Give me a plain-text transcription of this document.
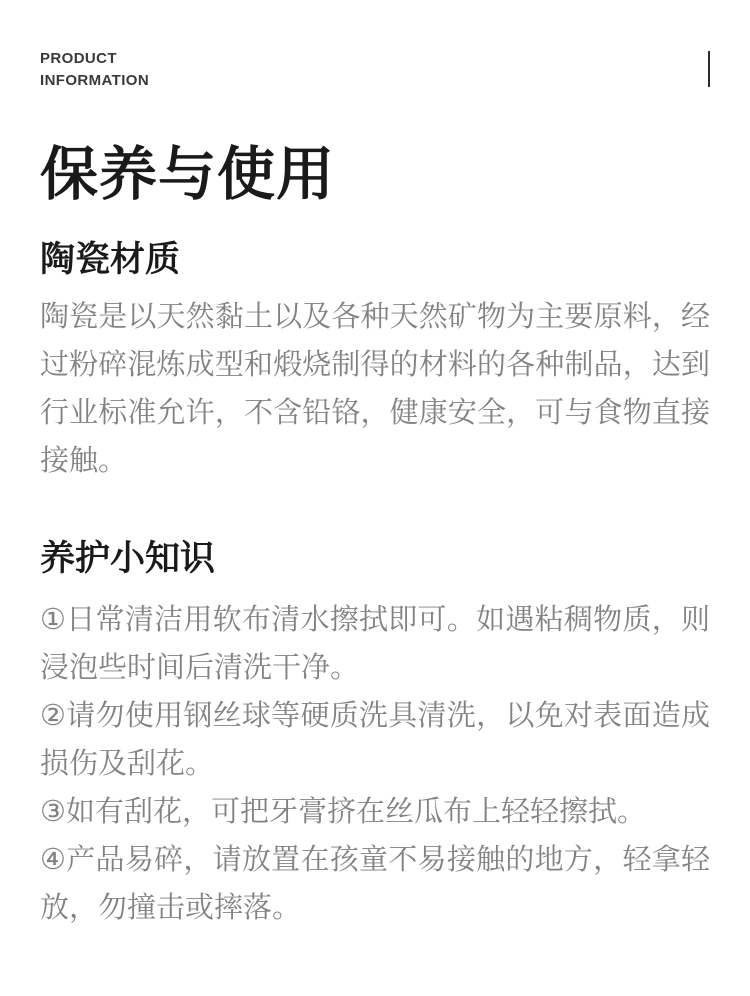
PRODUCT
INFORMATION
保养与使用
陶瓷材质

陶瓷是以天然黏土以及各种天然矿物为主要原料，经过粉碎混炼成型和煅烧制得的材料的各种制品，达到行业标准允许，不含铅铬，健康安全，可与食物直接接触。

养护小知识

①日常清洁用软布清水擦拭即可。如遇粘稠物质，则浸泡些时间后清洗干净。

②请勿使用钢丝球等硬质洗具清洗，以免对表面造成损伤及刮花。

③如有刮花，可把牙膏挤在丝瓜布上轻轻擦拭。

④产品易碎，请放置在孩童不易接触的地方，轻拿轻放，勿撞击或摔落。
